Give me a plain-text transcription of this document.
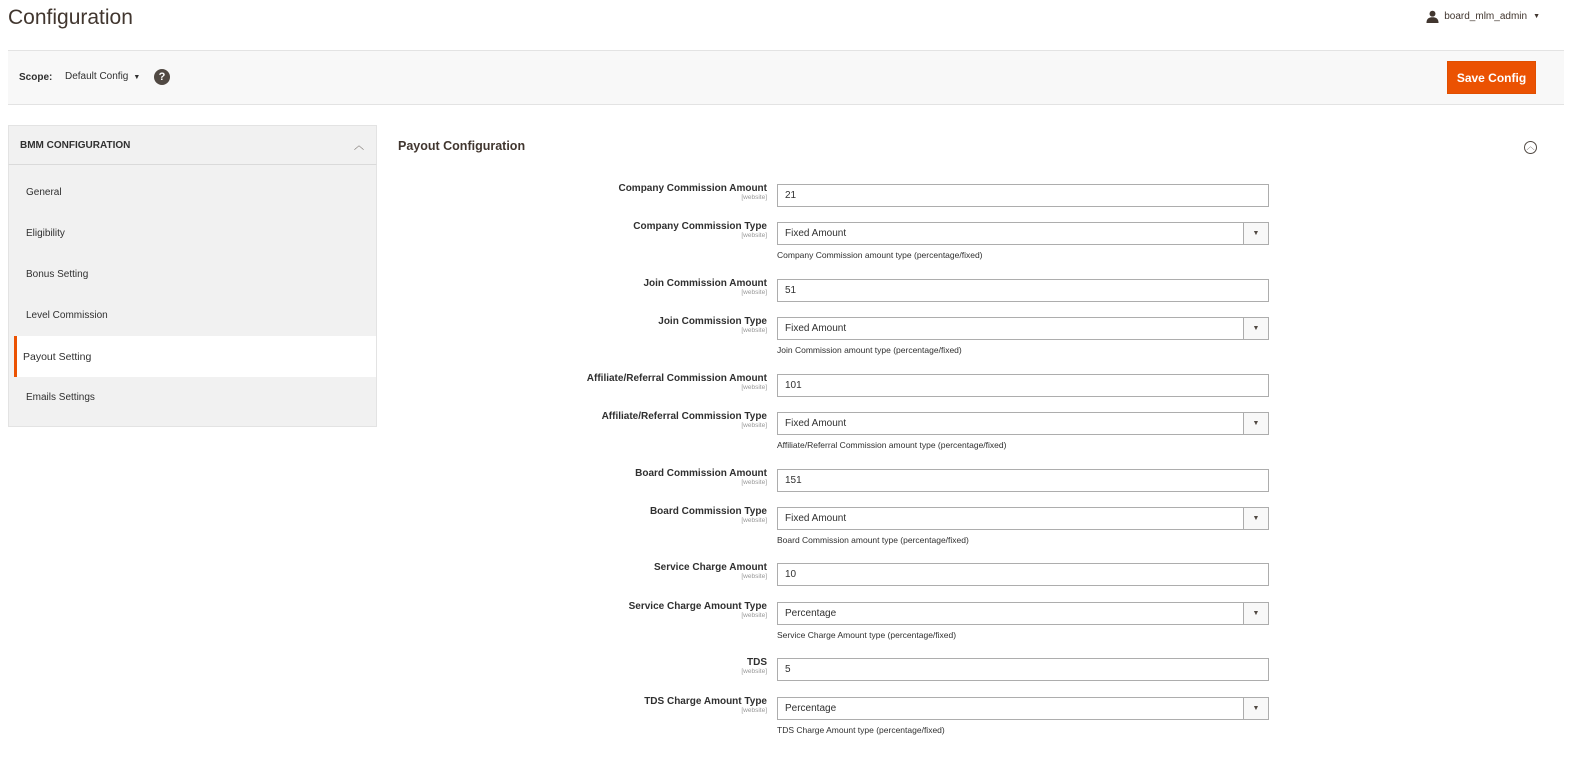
Configuration	board_mlm_admin ▼
Scope: Default Config ▼	?	Save Config
BMM CONFIGURATION	︿
General
Eligibility
Bonus Setting
Level Commission
Payout Setting
Emails Settings
Payout Configuration	︿
Company Commission Amount
[website]	21
Company Commission Type
[website]	Fixed Amount	▼
Company Commission amount type (percentage/fixed)
Join Commission Amount
[website]	51
Join Commission Type
[website]	Fixed Amount	▼
Join Commission amount type (percentage/fixed)
Affiliate/Referral Commission Amount
[website]	101
Affiliate/Referral Commission Type
[website]	Fixed Amount	▼
Affiliate/Referral Commission amount type (percentage/fixed)
Board Commission Amount
[website]	151
Board Commission Type
[website]	Fixed Amount	▼
Board Commission amount type (percentage/fixed)
Service Charge Amount
[website]	10
Service Charge Amount Type
[website]	Percentage	▼
Service Charge Amount type (percentage/fixed)
TDS
[website]	5
TDS Charge Amount Type
[website]	Percentage	▼
TDS Charge Amount type (percentage/fixed)
